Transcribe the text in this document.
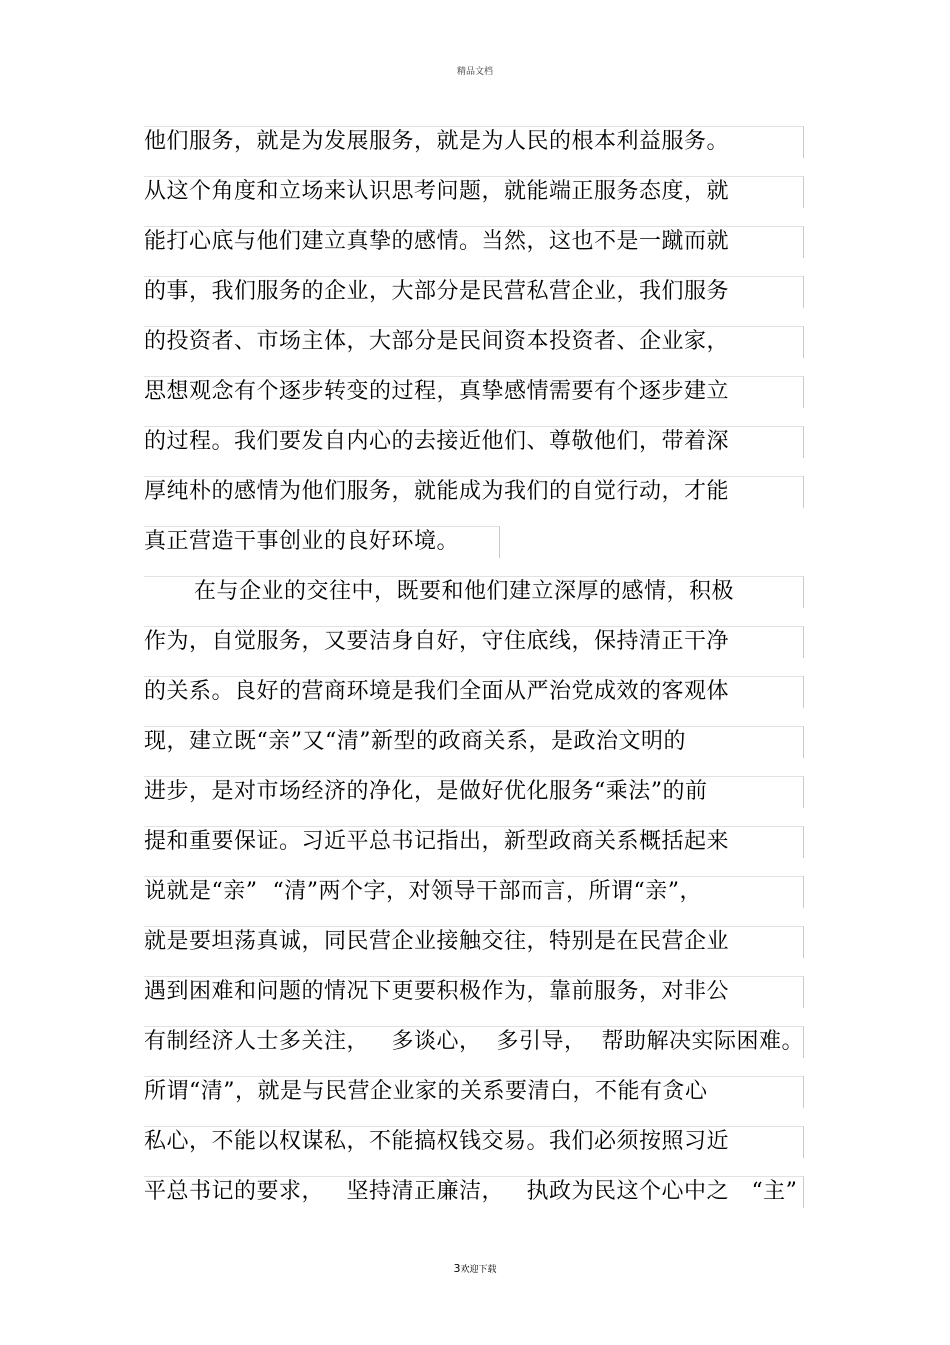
精品文档
他们服务，就是为发展服务，就是为人民的根本利益服务。
从这个角度和立场来认识思考问题，就能端正服务态度，就
能打心底与他们建立真挚的感情。当然，这也不是一蹴而就
的事，我们服务的企业，大部分是民营私营企业，我们服务
的投资者、市场主体，大部分是民间资本投资者、企业家，
思想观念有个逐步转变的过程，真挚感情需要有个逐步建立
的过程。我们要发自内心的去接近他们、尊敬他们，带着深
厚纯朴的感情为他们服务，就能成为我们的自觉行动，才能
真正营造干事创业的良好环境。
在与企业的交往中，既要和他们建立深厚的感情，积极
作为，自觉服务，又要洁身自好，守住底线，保持清正干净
的关系。良好的营商环境是我们全面从严治党成效的客观体
现，建立既“亲”又“清”新型的政商关系，是政治文明的
进步，是对市场经济的净化，是做好优化服务“乘法”的前
提和重要保证。习近平总书记指出，新型政商关系概括起来
说就是“亲”  “清”两个字，对领导干部而言，所谓“亲”，
就是要坦荡真诚，同民营企业接触交往，特别是在民营企业
遇到困难和问题的情况下更要积极作为，靠前服务，对非公
有制经济人士多关注，   多谈心，  多引导，  帮助解决实际困难。
所谓“清”，就是与民营企业家的关系要清白，不能有贪心
私心，不能以权谋私，不能搞权钱交易。我们必须按照习近
平总书记的要求，   坚持清正廉洁，   执政为民这个心中之   “主”
3欢迎下载
